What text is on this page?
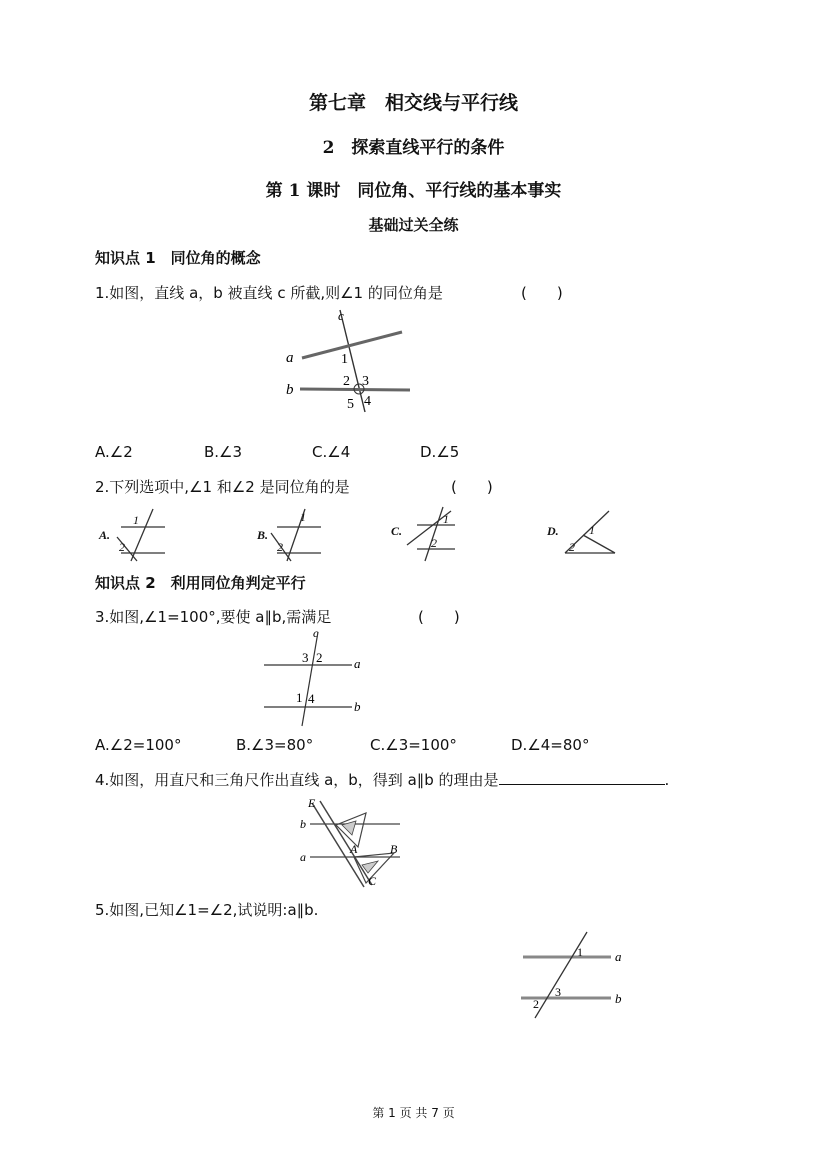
第七章　相交线与平行线
2　探索直线平行的条件
第 1 课时　同位角、平行线的基本事实
基础过关全练
知识点 1　同位角的概念
1.如图，直线 a，b 被直线 c 所截,则∠1 的同位角是	(　　)
c
a
b
1
2 3
5 4
A.∠2	B.∠3	C.∠4	D.∠5
2.下列选项中,∠1 和∠2 是同位角的是	(　　)
A.
1
2
B.
1
2
C.
1
2
D.	1
2
知识点 2　利用同位角判定平行
3.如图,∠1=100°,要使 a∥b,需满足	(　　)
c
a
b
3 2
1 4
A.∠2=100°	B.∠3=80°	C.∠3=100°	D.∠4=80°
4.如图，用直尺和三角尺作出直线 a，b，得到 a∥b 的理由是	.
E
b
a
A	B
C
5.如图,已知∠1=∠2,试说明:a∥b.
a
b
1
3
2
第 1 页 共 7 页
